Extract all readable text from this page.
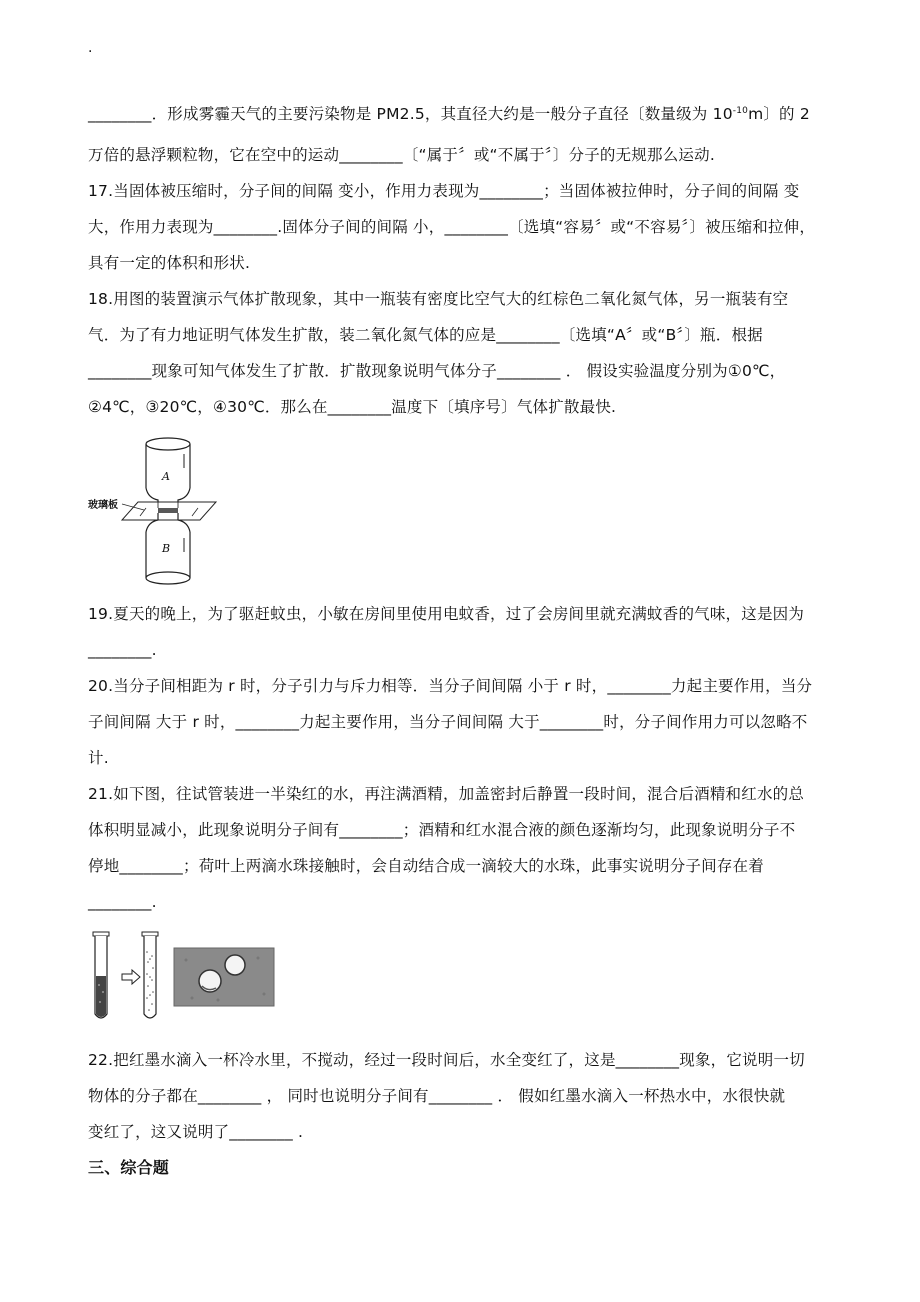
.
________．形成雾霾天气的主要污染物是 PM2.5，其直径大约是一般分子直径〔数量级为 $10^{-10}m$〕的 2
万倍的悬浮颗粒物，它在空中的运动________〔“属于〞或“不属于〞〕分子的无规那么运动.
17.当固体被压缩时，分子间的间隔 变小，作用力表现为________；当固体被拉伸时，分子间的间隔 变
大，作用力表现为________.固体分子间的间隔 小，________〔选填“容易〞或“不容易〞〕被压缩和拉伸，
具有一定的体积和形状.
18.用图的装置演示气体扩散现象，其中一瓶装有密度比空气大的红棕色二氧化氮气体，另一瓶装有空
气．为了有力地证明气体发生扩散，装二氧化氮气体的应是________〔选填“A〞或“B〞〕瓶．根据
________现象可知气体发生了扩散．扩散现象说明气体分子________ ． 假设实验温度分别为①0℃，
②4℃，③20℃，④30℃．那么在________温度下〔填序号〕气体扩散最快.
A
玻璃板
B
19.夏天的晚上，为了驱赶蚊虫，小敏在房间里使用电蚊香，过了会房间里就充满蚊香的气味，这是因为
________.
20.当分子间相距为 r 时，分子引力与斥力相等．当分子间间隔 小于 r 时，________力起主要作用，当分
子间间隔 大于 r 时，________力起主要作用，当分子间间隔 大于________时，分子间作用力可以忽略不
计.
21.如下图，往试管装进一半染红的水，再注满酒精，加盖密封后静置一段时间，混合后酒精和红水的总
体积明显减小，此现象说明分子间有________；酒精和红水混合液的颜色逐渐均匀，此现象说明分子不
停地________；荷叶上两滴水珠接触时，会自动结合成一滴较大的水珠，此事实说明分子间存在着
________.
22.把红墨水滴入一杯冷水里，不搅动，经过一段时间后，水全变红了，这是________现象，它说明一切
物体的分子都在________ ， 同时也说明分子间有________ ． 假如红墨水滴入一杯热水中，水很快就
变红了，这又说明了________ .
三、综合题
